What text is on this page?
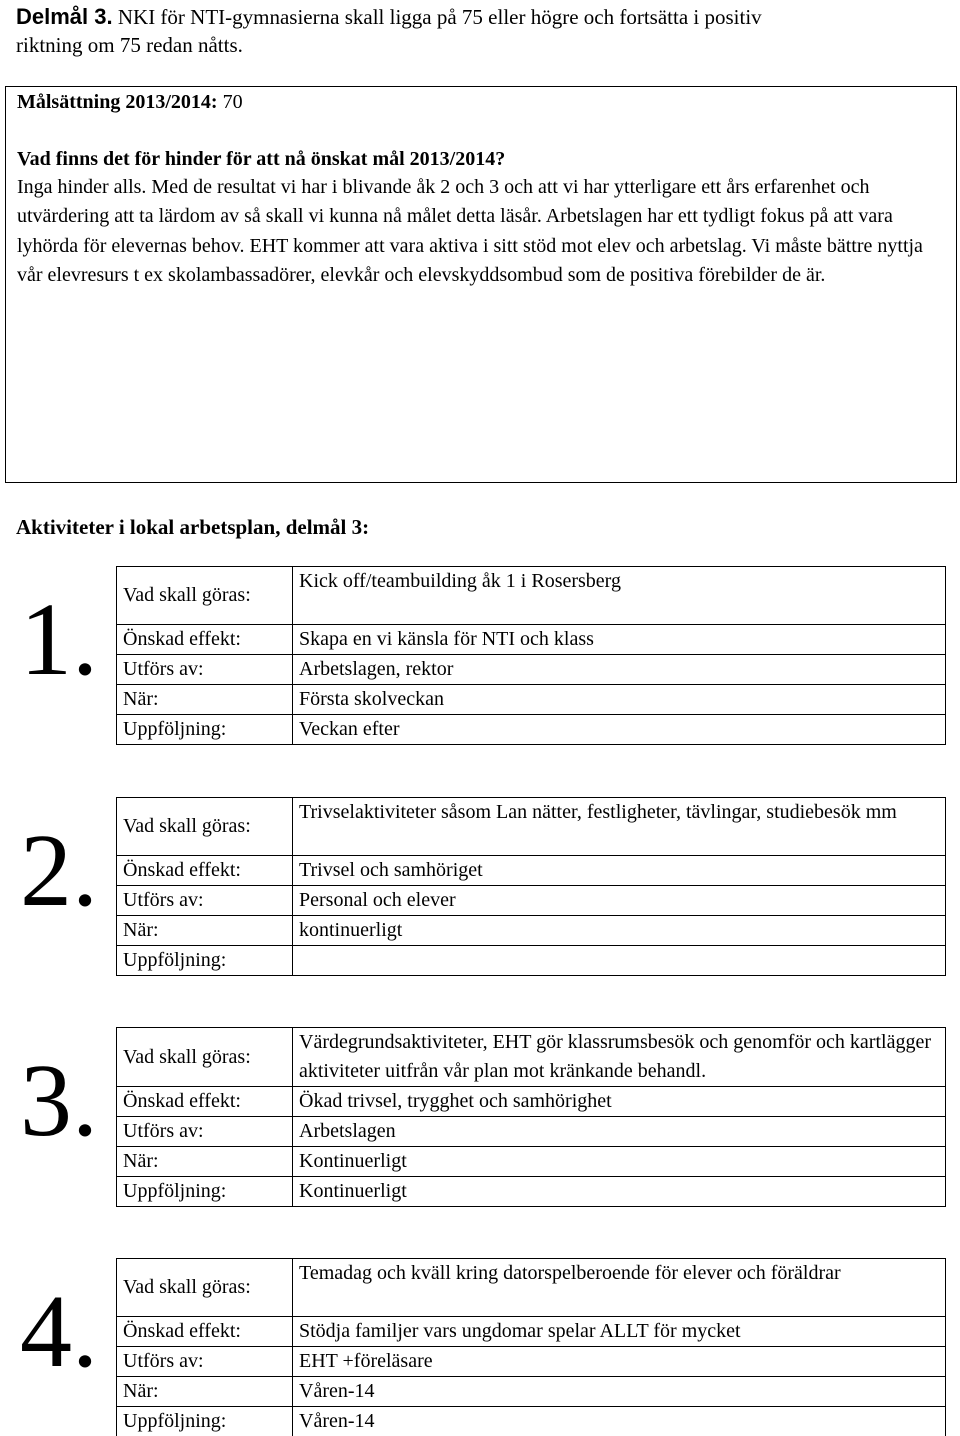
Delmål 3. NKI för NTI-gymnasierna skall ligga på 75 eller högre och fortsätta i positiv
riktning om 75 redan nåtts.
Målsättning 2013/2014: 70
Vad finns det för hinder för att nå önskat mål 2013/2014?
Inga hinder alls. Med de resultat vi har i blivande åk 2 och 3 och att vi har ytterligare ett års erfarenhet och utvärdering att ta lärdom av så skall vi kunna nå målet detta läsår. Arbetslagen har ett tydligt fokus på att vara lyhörda för elevernas behov. EHT kommer att vara aktiva i sitt stöd mot elev och arbetslag. Vi måste bättre nyttja vår elevresurs t ex skolambassadörer, elevkår och elevskyddsombud som de positiva förebilder de är.
Aktiviteter i lokal arbetsplan, delmål 3:
1. Vad skall göras:	Kick off/teambuilding åk 1 i Rosersberg
Önskad effekt:	Skapa en vi känsla för NTI och klass
Utförs av:	Arbetslagen, rektor
När:	Första skolveckan
Uppföljning:	Veckan efter
2. Vad skall göras:	Trivselaktiviteter såsom Lan nätter, festligheter, tävlingar, studiebesök mm
Önskad effekt:	Trivsel och samhöriget
Utförs av:	Personal och elever
När:	kontinuerligt
Uppföljning:	
3. Vad skall göras:	Värdegrundsaktiviteter, EHT gör klassrumsbesök och genomför och kartlägger aktiviteter uitfrån vår plan mot kränkande behandl.
Önskad effekt:	Ökad trivsel, trygghet och samhörighet
Utförs av:	Arbetslagen
När:	Kontinuerligt
Uppföljning:	Kontinuerligt
4. Vad skall göras:	Temadag och kväll kring datorspelberoende för elever och föräldrar
Önskad effekt:	Stödja familjer vars ungdomar spelar ALLT för mycket
Utförs av:	EHT +föreläsare
När:	Våren-14
Uppföljning:	Våren-14
